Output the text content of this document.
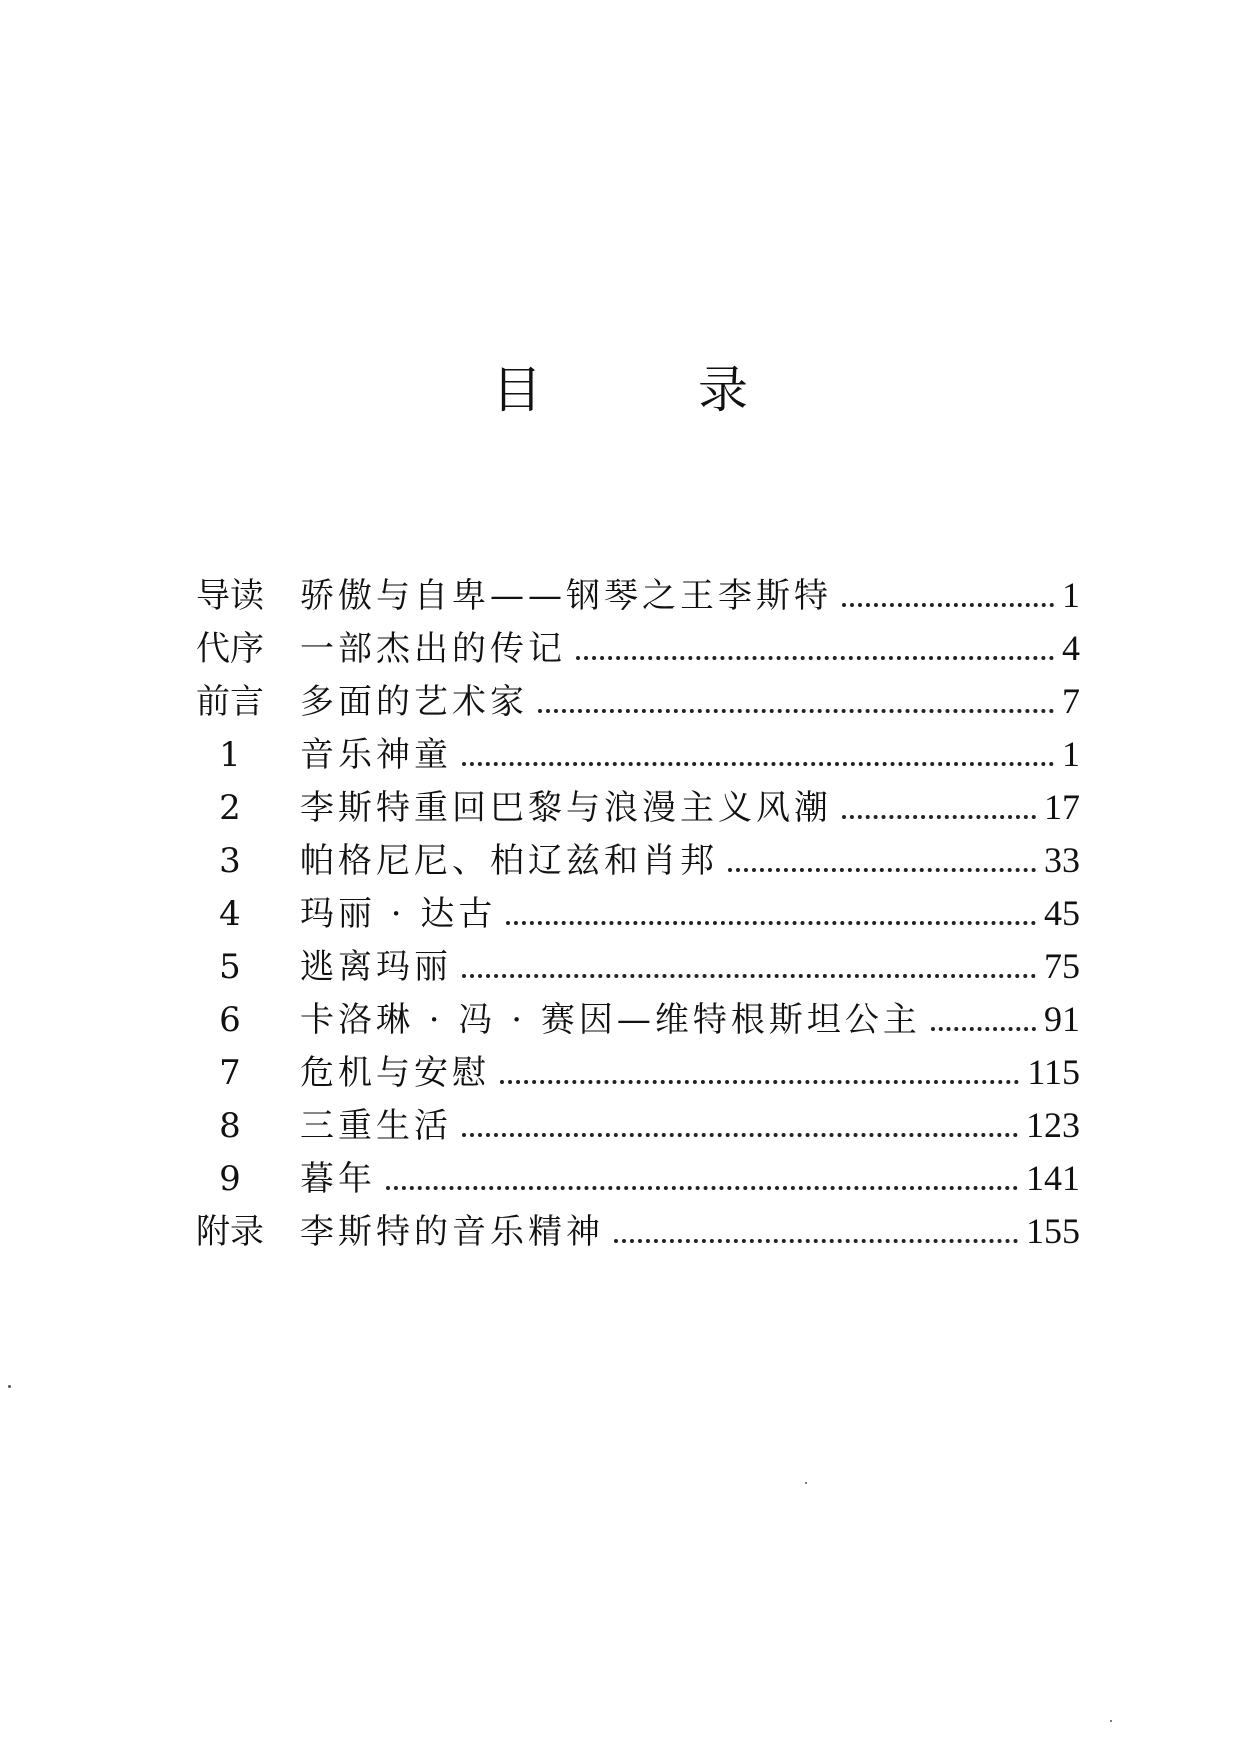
目 录
导读	骄傲与自卑——钢琴之王李斯特	1
代序	一部杰出的传记	4
前言	多面的艺术家	7
1	音乐神童	1
2	李斯特重回巴黎与浪漫主义风潮	17
3	帕格尼尼、柏辽兹和肖邦	33
4	玛丽 · 达古	45
5	逃离玛丽	75
6	卡洛琳 · 冯 · 赛因—维特根斯坦公主	91
7	危机与安慰	115
8	三重生活	123
9	暮年	141
附录	李斯特的音乐精神	155
